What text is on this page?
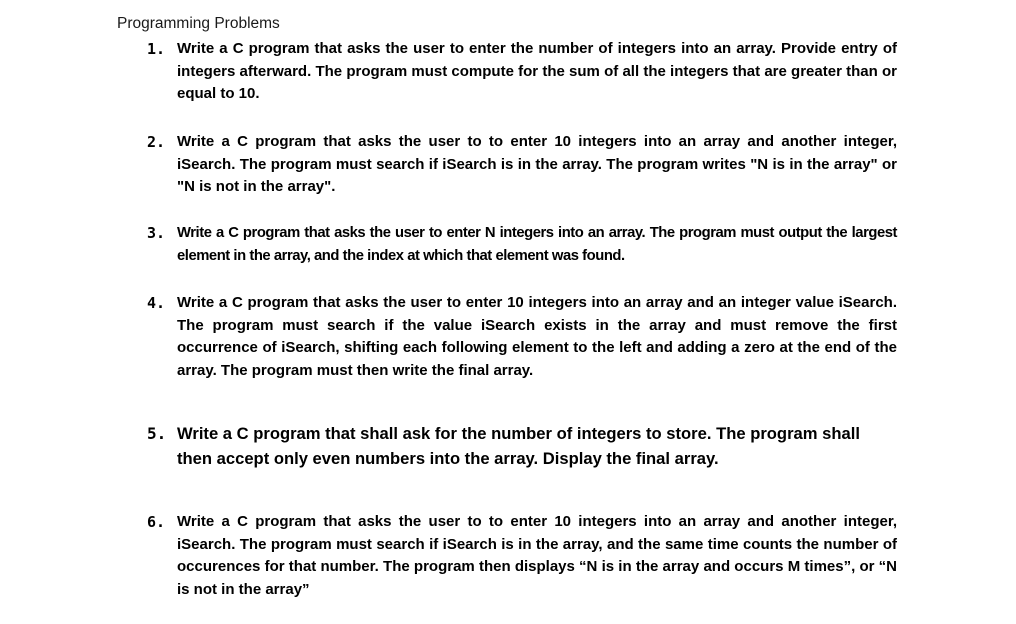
Programming Problems
1. Write a C program that asks the user to enter the number of integers into an array. Provide entry of integers afterward. The program must compute for the sum of all the integers that are greater than or equal to 10.
2. Write a C program that asks the user to to enter 10 integers into an array and another integer, iSearch. The program must search if iSearch is in the array. The program writes "N is in the array" or "N is not in the array".
3. Write a C program that asks the user to enter N integers into an array. The program must output the largest element in the array, and the index at which that element was found.
4. Write a C program that asks the user to enter 10 integers into an array and an integer value iSearch. The program must search if the value iSearch exists in the array and must remove the first occurrence of iSearch, shifting each following element to the left and adding a zero at the end of the array. The program must then write the final array.
5. Write a C program that shall ask for the number of integers to store. The program shall then accept only even numbers into the array. Display the final array.
6. Write a C program that asks the user to to enter 10 integers into an array and another integer, iSearch. The program must search if iSearch is in the array, and the same time counts the number of occurences for that number. The program then displays “N is in the array and occurs M times”, or “N is not in the array”
